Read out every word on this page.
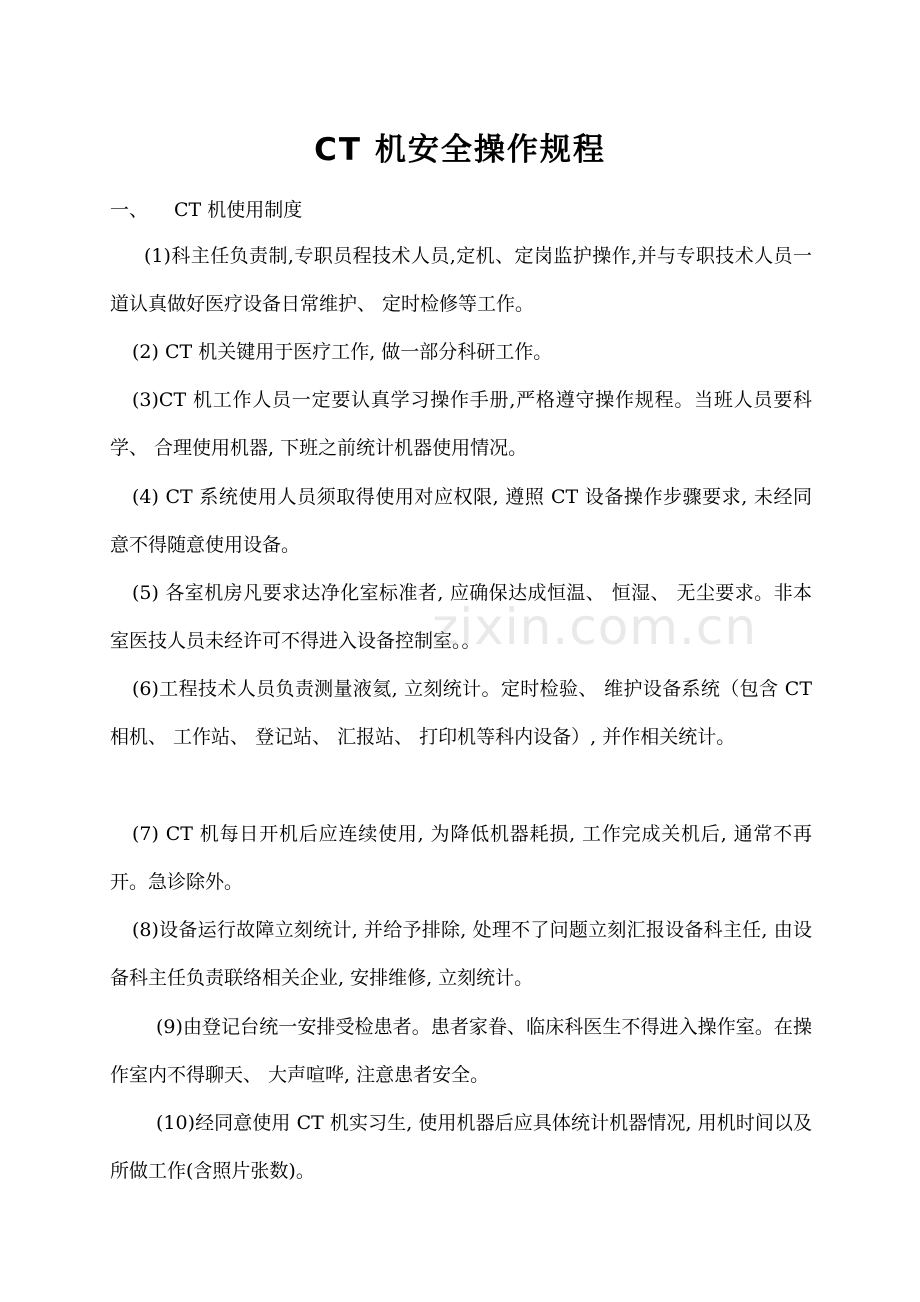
CT 机安全操作规程
一、 CT 机使用制度

(1)科主任负责制,专职员程技术人员,定机、定岗监护操作,并与专职技术人员一道认真做好医疗设备日常维护、 定时检修等工作。

(2) CT 机关键用于医疗工作, 做一部分科研工作。

(3)CT 机工作人员一定要认真学习操作手册,严格遵守操作规程。当班人员要科学、 合理使用机器, 下班之前统计机器使用情况。

(4) CT 系统使用人员须取得使用对应权限, 遵照 CT 设备操作步骤要求, 未经同意不得随意使用设备。

(5) 各室机房凡要求达净化室标准者, 应确保达成恒温、 恒湿、 无尘要求。非本室医技人员未经许可不得进入设备控制室。。

(6)工程技术人员负责测量液氦, 立刻统计。定时检验、 维护设备系统（包含 CT 相机、 工作站、 登记站、 汇报站、 打印机等科内设备）, 并作相关统计。

(7) CT 机每日开机后应连续使用, 为降低机器耗损, 工作完成关机后, 通常不再开。急诊除外。

(8)设备运行故障立刻统计, 并给予排除, 处理不了问题立刻汇报设备科主任, 由设备科主任负责联络相关企业, 安排维修, 立刻统计。

(9)由登记台统一安排受检患者。患者家眷、临床科医生不得进入操作室。在操作室内不得聊天、 大声喧哗, 注意患者安全。

(10)经同意使用 CT 机实习生, 使用机器后应具体统计机器情况, 用机时间以及所做工作(含照片张数)。

zixin.com.cn
